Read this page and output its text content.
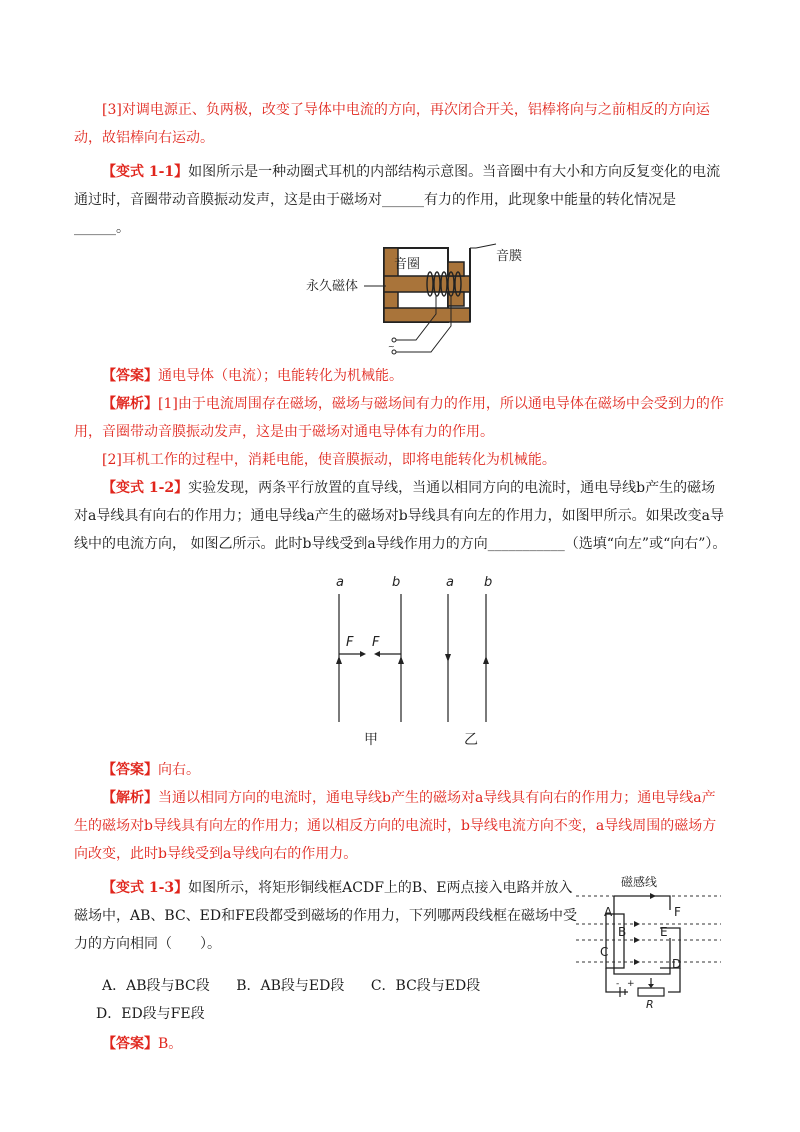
[3]对调电源正、负两极，改变了导体中电流的方向，再次闭合开关，铝棒将向与之前相反的方向运动，故铝棒向右运动。

【变式 1-1】如图所示是一种动圈式耳机的内部结构示意图。当音圈中有大小和方向反复变化的电流通过时，音圈带动音膜振动发声，这是由于磁场对______有力的作用，此现象中能量的转化情况是______。

音圈
音膜
永久磁体
~

【答案】通电导体（电流）；电能转化为机械能。

【解析】[1]由于电流周围存在磁场，磁场与磁场间有力的作用，所以通电导体在磁场中会受到力的作用，音圈带动音膜振动发声，这是由于磁场对通电导体有力的作用。

[2]耳机工作的过程中，消耗电能，使音膜振动，即将电能转化为机械能。

【变式 1-2】实验发现，两条平行放置的直导线，当通以相同方向的电流时，通电导线b产生的磁场对a导线具有向右的作用力；通电导线a产生的磁场对b导线具有向左的作用力，如图甲所示。如果改变a导线中的电流方向， 如图乙所示。此时b导线受到a导线作用力的方向___________（选填“向左”或“向右”）。

a	b	a b
F F
甲	乙

【答案】向右。

【解析】当通以相同方向的电流时，通电导线b产生的磁场对a导线具有向右的作用力；通电导线a产生的磁场对b导线具有向左的作用力；通以相反方向的电流时，b导线电流方向不变，a导线周围的磁场方向改变，此时b导线受到a导线向右的作用力。

【变式 1-3】如图所示，将矩形铜线框ACDF上的B、E两点接入电路并放入磁场中，AB、BC、ED和FE段都受到磁场的作用力，下列哪两段线框在磁场中受力的方向相同（　　）。

A．AB段与BC段 B．AB段与ED段 C．BC段与ED段 D．ED段与FE段
磁感线
A
B
C
D
E
F
- +
R

【答案】B。
